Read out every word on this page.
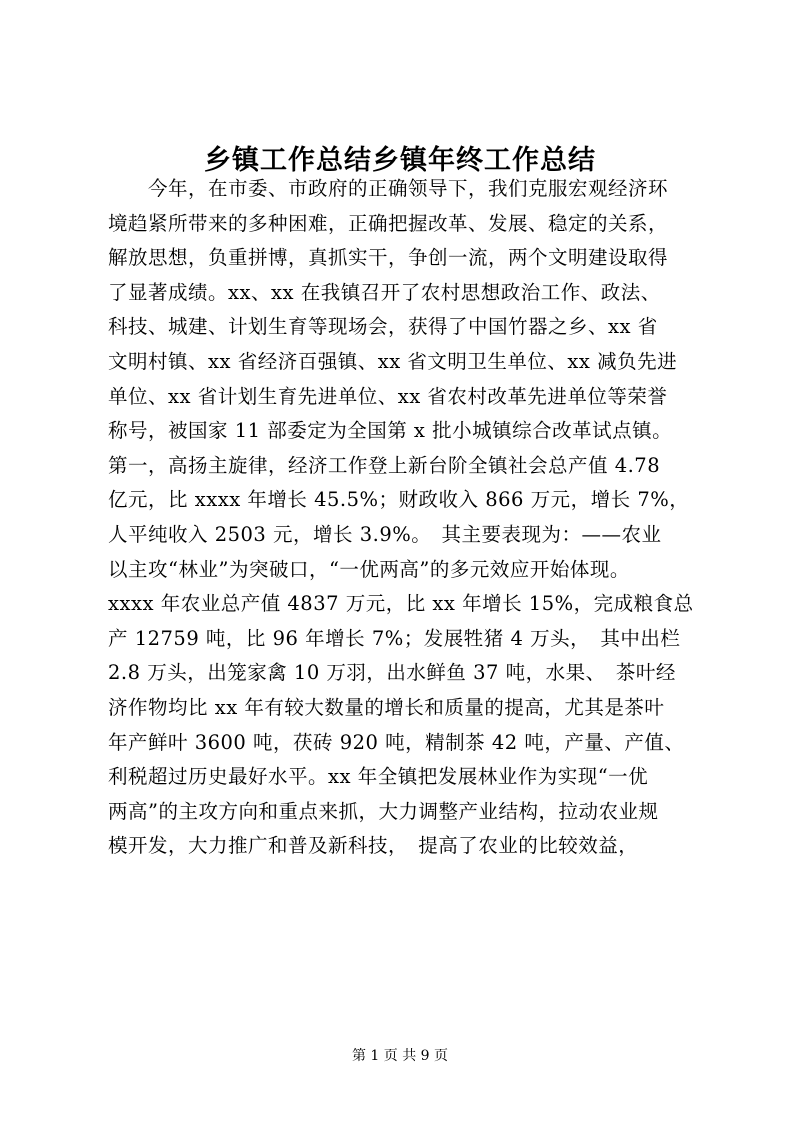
乡镇工作总结乡镇年终工作总结
　　今年，在市委、市政府的正确领导下，我们克服宏观经济环
境趋紧所带来的多种困难，正确把握改革、发展、稳定的关系，
解放思想，负重拼博，真抓实干，争创一流，两个文明建设取得
了显著成绩。xx、xx 在我镇召开了农村思想政治工作、政法、
科技、城建、计划生育等现场会，获得了中国竹器之乡、xx 省
文明村镇、xx 省经济百强镇、xx 省文明卫生单位、xx 减负先进
单位、xx 省计划生育先进单位、xx 省农村改革先进单位等荣誉
称号，被国家 11 部委定为全国第 x 批小城镇综合改革试点镇。
第一，高扬主旋律，经济工作登上新台阶全镇社会总产值 4.78
亿元，比 xxxx 年增长 45.5%；财政收入 866 万元，增长 7%，
人平纯收入 2503 元，增长 3.9%。　其主要表现为：——农业
以主攻“林业”为突破口，“一优两高”的多元效应开始体现。
xxxx 年农业总产值 4837 万元，比 xx 年增长 15%，完成粮食总
产 12759 吨，比 96 年增长 7%；发展牲猪 4 万头，　其中出栏
2.8 万头，出笼家禽 10 万羽，出水鲜鱼 37 吨，水果、　茶叶经
济作物均比 xx 年有较大数量的增长和质量的提高，尤其是茶叶
年产鲜叶 3600 吨，茯砖 920 吨，精制茶 42 吨，产量、产值、
利税超过历史最好水平。xx 年全镇把发展林业作为实现“一优
两高”的主攻方向和重点来抓，大力调整产业结构，拉动农业规
模开发，大力推广和普及新科技，　提高了农业的比较效益，
第 1 页 共 9 页
